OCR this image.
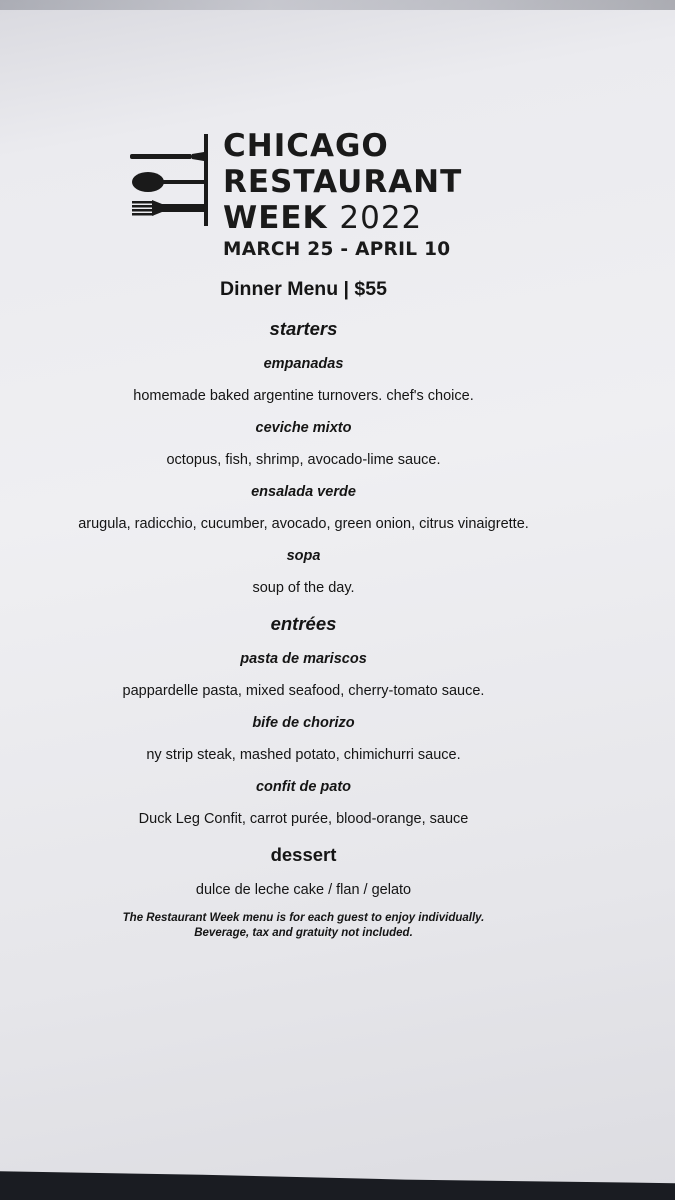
CHICAGO
RESTAURANT
WEEK 2022
MARCH 25 - APRIL 10
Dinner Menu | $55
starters
empanadas
homemade baked argentine turnovers. chef's choice.
ceviche mixto
octopus, fish, shrimp, avocado-lime sauce.
ensalada verde
arugula, radicchio, cucumber, avocado, green onion, citrus vinaigrette.
sopa
soup of the day.
entrées
pasta de mariscos
pappardelle pasta, mixed seafood, cherry-tomato sauce.
bife de chorizo
ny strip steak, mashed potato, chimichurri sauce.
confit de pato
Duck Leg Confit, carrot purée, blood-orange, sauce
dessert
dulce de leche cake / flan / gelato
The Restaurant Week menu is for each guest to enjoy individually.
Beverage, tax and gratuity not included.
